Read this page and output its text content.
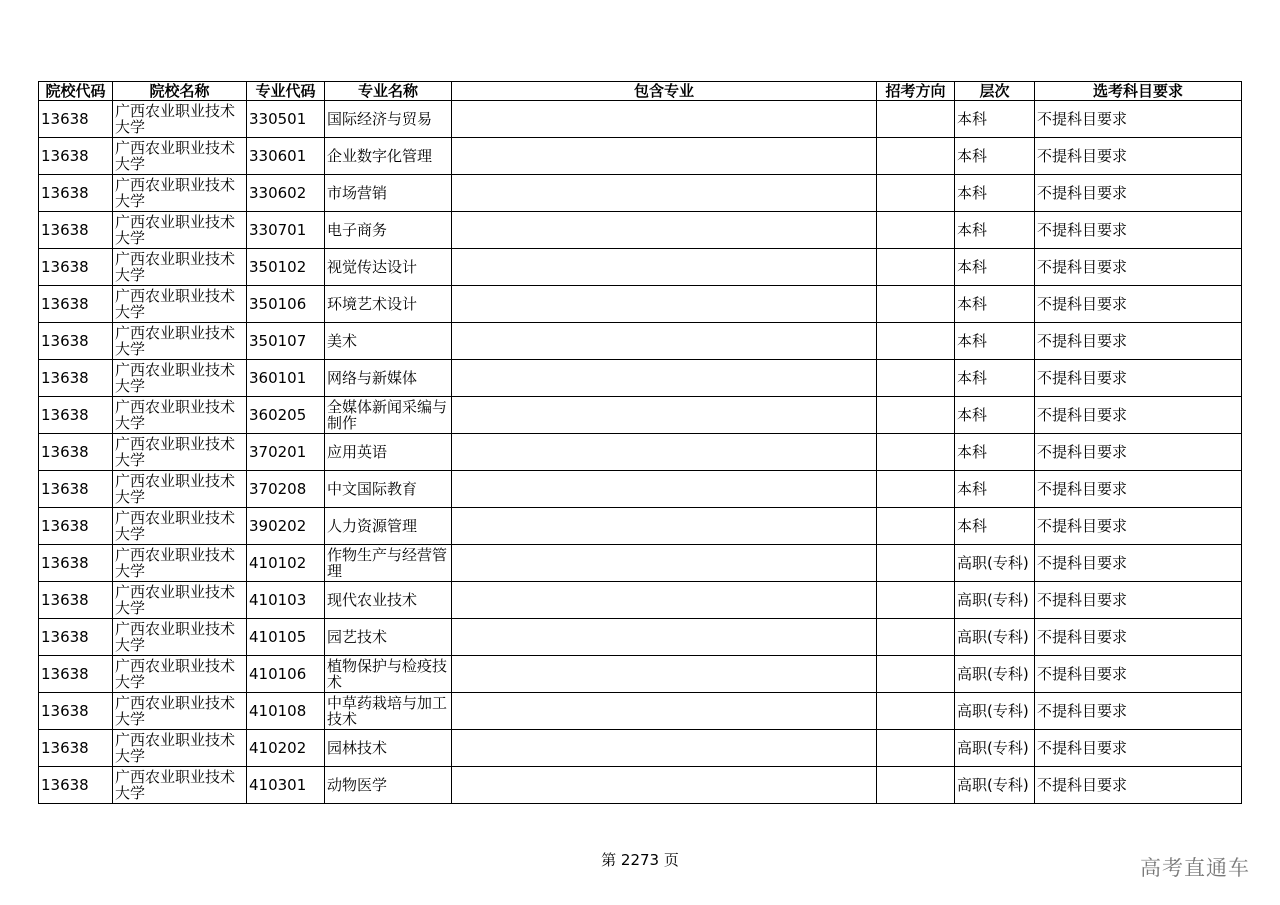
院校代码	院校名称	专业代码	专业名称	包含专业	招考方向	层次	选考科目要求
13638	广西农业职业技术大学	330501	国际经济与贸易			本科	不提科目要求
13638	广西农业职业技术大学	330601	企业数字化管理			本科	不提科目要求
13638	广西农业职业技术大学	330602	市场营销			本科	不提科目要求
13638	广西农业职业技术大学	330701	电子商务			本科	不提科目要求
13638	广西农业职业技术大学	350102	视觉传达设计			本科	不提科目要求
13638	广西农业职业技术大学	350106	环境艺术设计			本科	不提科目要求
13638	广西农业职业技术大学	350107	美术			本科	不提科目要求
13638	广西农业职业技术大学	360101	网络与新媒体			本科	不提科目要求
13638	广西农业职业技术大学	360205	全媒体新闻采编与制作			本科	不提科目要求
13638	广西农业职业技术大学	370201	应用英语			本科	不提科目要求
13638	广西农业职业技术大学	370208	中文国际教育			本科	不提科目要求
13638	广西农业职业技术大学	390202	人力资源管理			本科	不提科目要求
13638	广西农业职业技术大学	410102	作物生产与经营管理			高职(专科)	不提科目要求
13638	广西农业职业技术大学	410103	现代农业技术			高职(专科)	不提科目要求
13638	广西农业职业技术大学	410105	园艺技术			高职(专科)	不提科目要求
13638	广西农业职业技术大学	410106	植物保护与检疫技术			高职(专科)	不提科目要求
13638	广西农业职业技术大学	410108	中草药栽培与加工技术			高职(专科)	不提科目要求
13638	广西农业职业技术大学	410202	园林技术			高职(专科)	不提科目要求
13638	广西农业职业技术大学	410301	动物医学			高职(专科)	不提科目要求
第 2273 页	高考直通车
